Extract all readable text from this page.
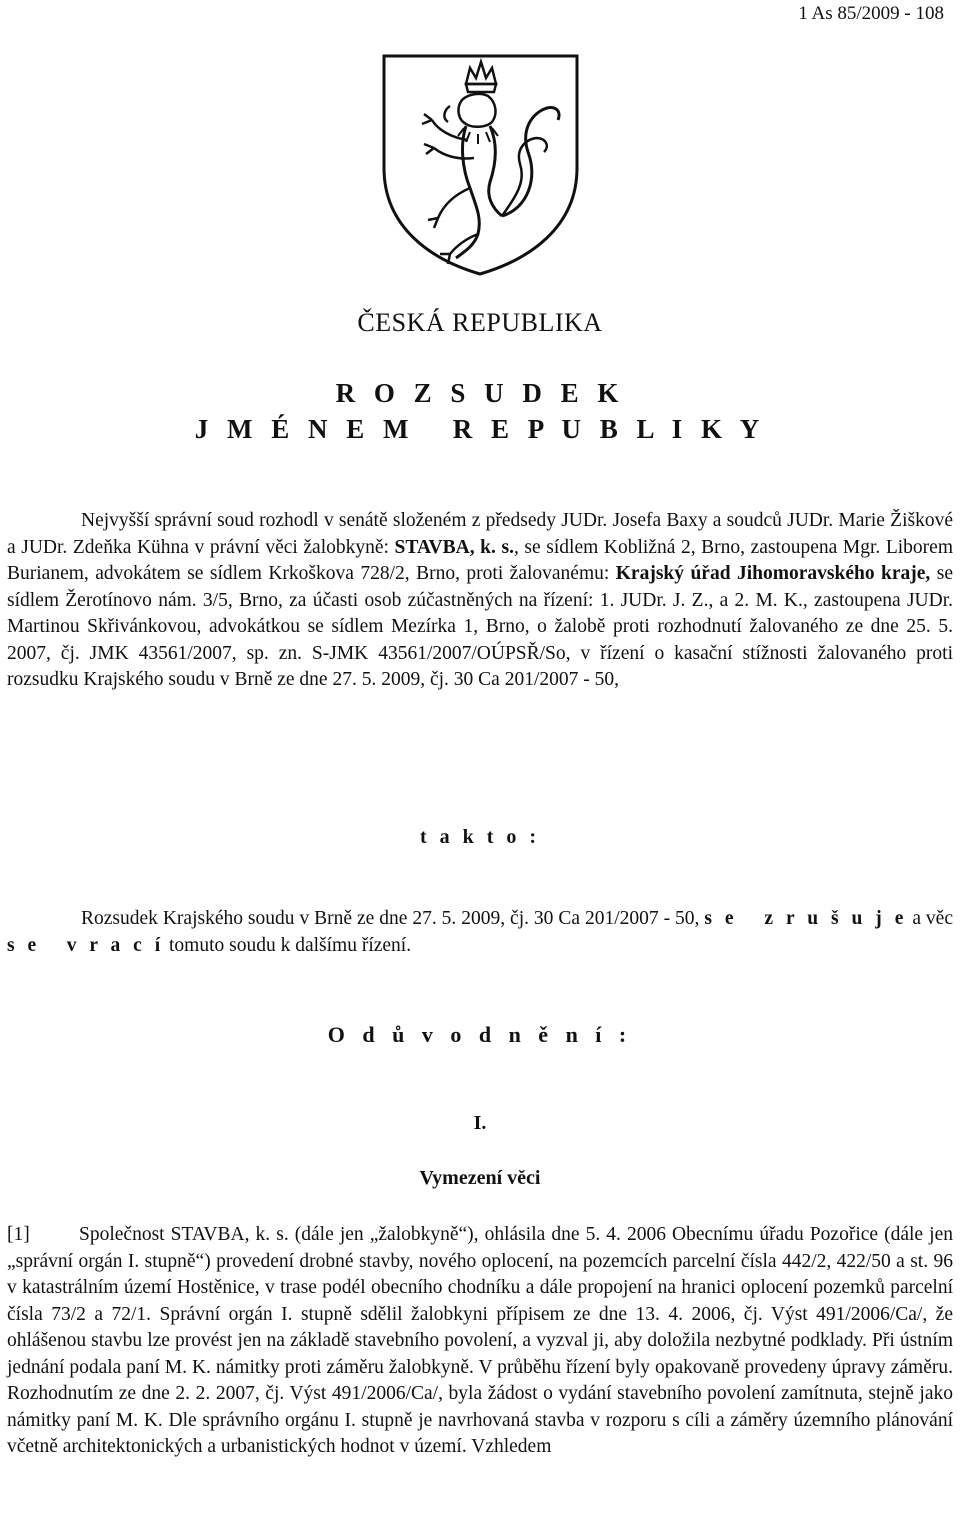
1 As 85/2009 - 108
ČESKÁ REPUBLIKA
R O Z S U D E K
J M É N E M   R E P U B L I K Y

Nejvyšší správní soud rozhodl v senátě složeném z předsedy JUDr. Josefa Baxy a soudců JUDr. Marie Žiškové a JUDr. Zdeňka Kühna v právní věci žalobkyně: STAVBA, k. s., se sídlem Kobližná 2, Brno, zastoupena Mgr. Liborem Burianem, advokátem se sídlem Krkoškova 728/2, Brno, proti žalovanému: Krajský úřad Jihomoravského kraje, se sídlem Žerotínovo nám. 3/5, Brno, za účasti osob zúčastněných na řízení: 1. JUDr. J. Z., a 2. M. K., zastoupena JUDr. Martinou Skřivánkovou, advokátkou se sídlem Mezírka 1, Brno, o žalobě proti rozhodnutí žalovaného ze dne 25. 5. 2007, čj. JMK 43561/2007, sp. zn. S-JMK 43561/2007/OÚPSŘ/So, v řízení o kasační stížnosti žalovaného proti rozsudku Krajského soudu v Brně ze dne 27. 5. 2009, čj. 30 Ca 201/2007 - 50,

t a k t o :

Rozsudek Krajského soudu v Brně ze dne 27. 5. 2009, čj. 30 Ca 201/2007 - 50, s e   z r u š u j e a věc s e   v r a c í tomuto soudu k dalšímu řízení.

O d ů v o d n ě n í :
I.
Vymezení věci

[1]	Společnost STAVBA, k. s. (dále jen „žalobkyně“), ohlásila dne 5. 4. 2006 Obecnímu úřadu Pozořice (dále jen „správní orgán I. stupně“) provedení drobné stavby, nového oplocení, na pozemcích parcelní čísla 442/2, 422/50 a st. 96 v katastrálním území Hostěnice, v trase podél obecního chodníku a dále propojení na hranici oplocení pozemků parcelní čísla 73/2 a 72/1. Správní orgán I. stupně sdělil žalobkyni přípisem ze dne 13. 4. 2006, čj. Výst 491/2006/Ca/, že ohlášenou stavbu lze provést jen na základě stavebního povolení, a vyzval ji, aby doložila nezbytné podklady. Při ústním jednání podala paní M. K. námitky proti záměru žalobkyně. V průběhu řízení byly opakovaně provedeny úpravy záměru. Rozhodnutím ze dne 2. 2. 2007, čj. Výst 491/2006/Ca/, byla žádost o vydání stavebního povolení zamítnuta, stejně jako námitky paní M. K. Dle správního orgánu I. stupně je navrhovaná stavba v rozporu s cíli a záměry územního plánování včetně architektonických a urbanistických hodnot v území. Vzhledem
